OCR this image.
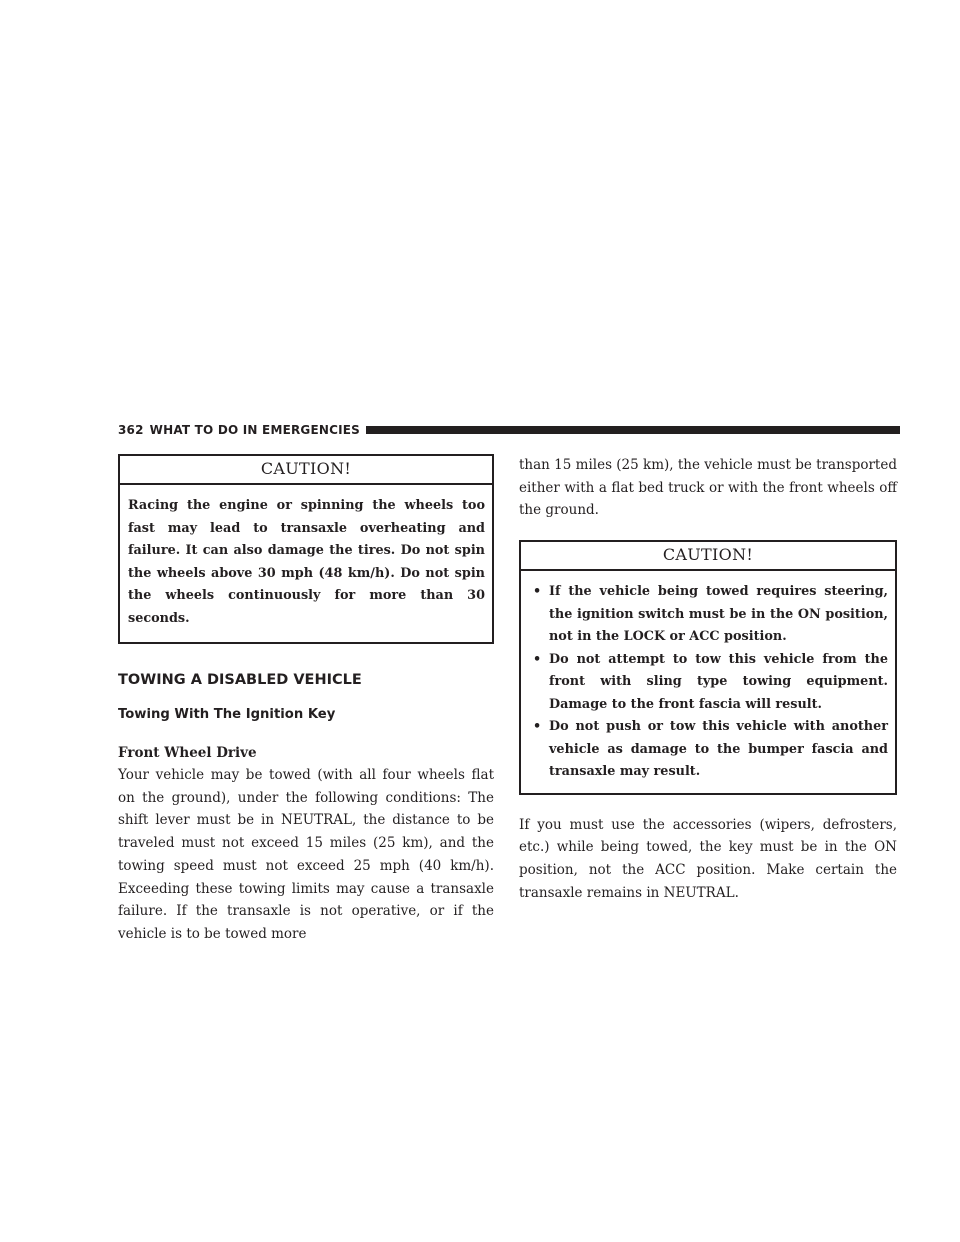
362 WHAT TO DO IN EMERGENCIES
CAUTION!
Racing the engine or spinning the wheels too fast may lead to transaxle overheating and failure. It can also damage the tires. Do not spin the wheels above 30 mph (48 km/h). Do not spin the wheels continuously for more than 30 seconds.
TOWING A DISABLED VEHICLE
Towing With The Ignition Key
Front Wheel Drive

Your vehicle may be towed (with all four wheels flat on the ground), under the following conditions: The shift lever must be in NEUTRAL, the distance to be traveled must not exceed 15 miles (25 km), and the towing speed must not exceed 25 mph (40 km/h). Exceeding these towing limits may cause a transaxle failure. If the transaxle is not operative, or if the vehicle is to be towed more

than 15 miles (25 km), the vehicle must be transported either with a flat bed truck or with the front wheels off the ground.

CAUTION!
• If the vehicle being towed requires steering, the ignition switch must be in the ON position, not in the LOCK or ACC position.
• Do not attempt to tow this vehicle from the front with sling type towing equipment. Damage to the front fascia will result.
• Do not push or tow this vehicle with another vehicle as damage to the bumper fascia and transaxle may result.

If you must use the accessories (wipers, defrosters, etc.) while being towed, the key must be in the ON position, not the ACC position. Make certain the transaxle remains in NEUTRAL.
